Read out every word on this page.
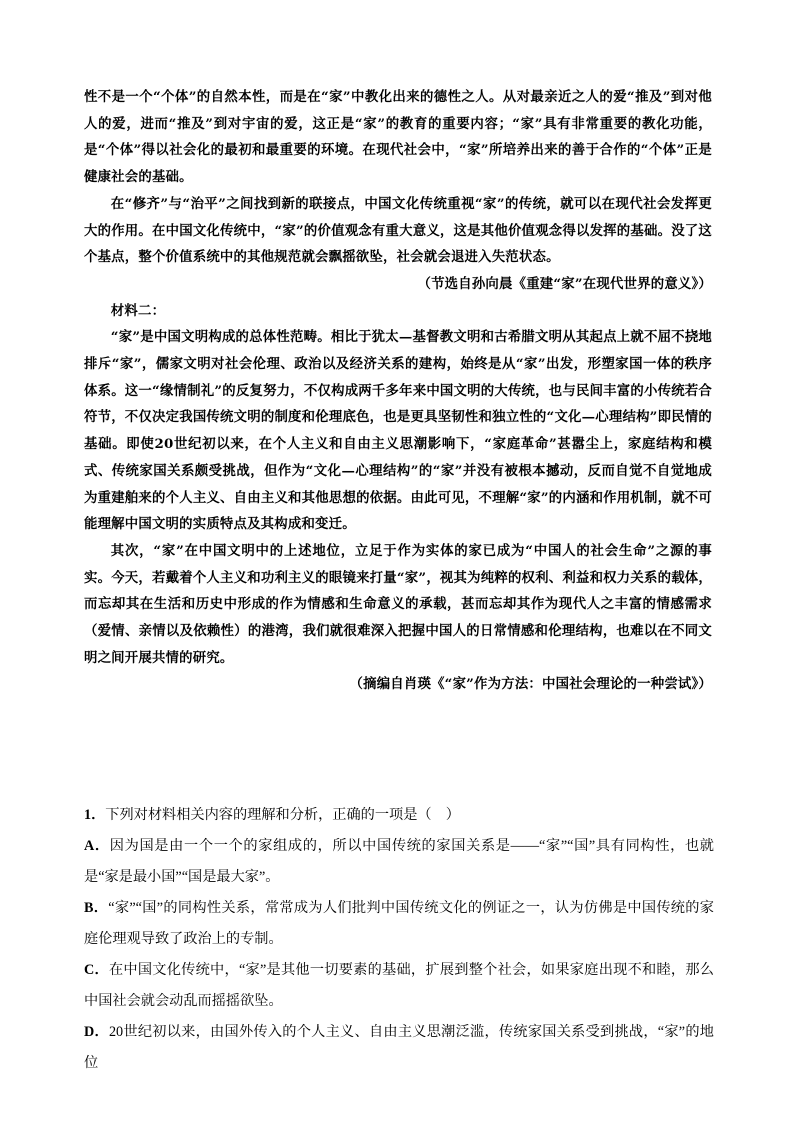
性不是一个“个体”的自然本性，而是在“家”中教化出来的德性之人。从对最亲近之人的爱“推及”到对他人的爱，进而“推及”到对宇宙的爱，这正是“家”的教育的重要内容；“家”具有非常重要的教化功能，是“个体”得以社会化的最初和最重要的环境。在现代社会中，“家”所培养出来的善于合作的“个体”正是健康社会的基础。

在“修齐”与“治平”之间找到新的联接点，中国文化传统重视“家”的传统，就可以在现代社会发挥更大的作用。在中国文化传统中，“家”的价值观念有重大意义，这是其他价值观念得以发挥的基础。没了这个基点，整个价值系统中的其他规范就会飘摇欲坠，社会就会退进入失范状态。

（节选自孙向晨《重建“家”在现代世界的意义》）

材料二：

“家”是中国文明构成的总体性范畴。相比于犹太—基督教文明和古希腊文明从其起点上就不屈不挠地排斥“家”，儒家文明对社会伦理、政治以及经济关系的建构，始终是从“家”出发，形塑家国一体的秩序体系。这一“缘情制礼”的反复努力，不仅构成两千多年来中国文明的大传统，也与民间丰富的小传统若合符节，不仅决定我国传统文明的制度和伦理底色，也是更具坚韧性和独立性的“文化—心理结构”即民情的基础。即使20世纪初以来，在个人主义和自由主义思潮影响下，“家庭革命”甚嚣尘上，家庭结构和模式、传统家国关系颇受挑战，但作为“文化—心理结构”的“家”并没有被根本撼动，反而自觉不自觉地成为重建舶来的个人主义、自由主义和其他思想的依据。由此可见，不理解“家”的内涵和作用机制，就不可能理解中国文明的实质特点及其构成和变迁。

其次，“家”在中国文明中的上述地位，立足于作为实体的家已成为“中国人的社会生命”之源的事实。今天，若戴着个人主义和功利主义的眼镜来打量“家”，视其为纯粹的权利、利益和权力关系的载体，而忘却其在生活和历史中形成的作为情感和生命意义的承载，甚而忘却其作为现代人之丰富的情感需求（爱情、亲情以及依赖性）的港湾，我们就很难深入把握中国人的日常情感和伦理结构，也难以在不同文明之间开展共情的研究。

（摘编自肖瑛《“家”作为方法：中国社会理论的一种尝试》）

1．下列对材料相关内容的理解和分析，正确的一项是（　）

A．因为国是由一个一个的家组成的，所以中国传统的家国关系是——“家”“国”具有同构性，也就是“家是最小国”“国是最大家”。

B．“家”“国”的同构性关系，常常成为人们批判中国传统文化的例证之一，认为仿佛是中国传统的家庭伦理观导致了政治上的专制。

C．在中国文化传统中，“家”是其他一切要素的基础，扩展到整个社会，如果家庭出现不和睦，那么中国社会就会动乱而摇摇欲坠。

D．20世纪初以来，由国外传入的个人主义、自由主义思潮泛滥，传统家国关系受到挑战，“家”的地位
